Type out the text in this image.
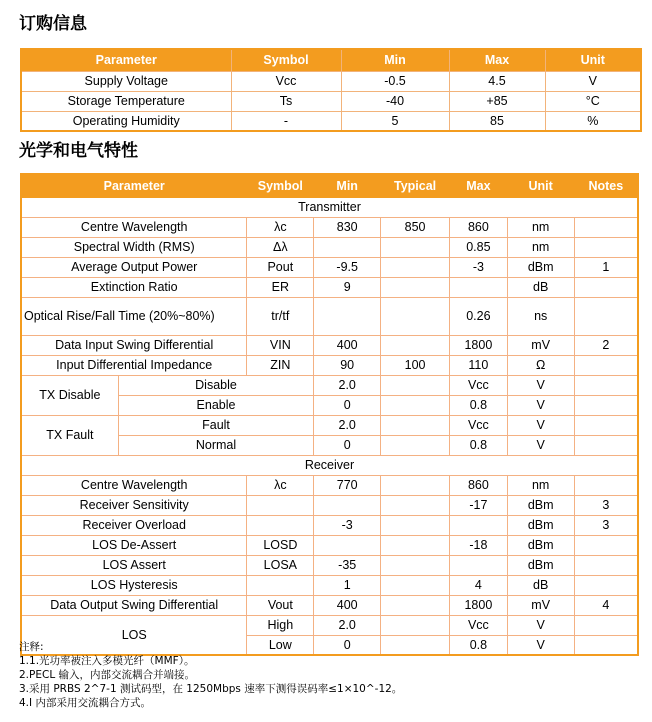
订购信息
Parameter	Symbol	Min	Max	Unit
Supply Voltage	Vcc	-0.5	4.5	V
Storage Temperature	Ts	-40	+85	°C
Operating Humidity	-	5	85	%
光学和电气特性
Parameter		Symbol	Min	Typical	Max	Unit	Notes
Transmitter							
Centre Wavelength		λc	830	850	860	nm	
Spectral Width (RMS)		Δλ			0.85	nm	
Average Output Power		Pout	-9.5		-3	dBm	1
Extinction Ratio		ER	9			dB	
Optical Rise/Fall Time (20%~80%)		tr/tf			0.26	ns	
Data Input Swing Differential		VIN	400		1800	mV	2
Input Differential Impedance		ZIN	90	100	110	Ω	
TX Disable	Disable		2.0		Vcc	V	
	Enable		0		0.8	V	
TX Fault	Fault		2.0		Vcc	V	
	Normal		0		0.8	V	
Receiver							
Centre Wavelength		λc	770		860	nm	
Receiver Sensitivity					-17	dBm	3
Receiver Overload			-3			dBm	3
LOS De-Assert		LOSD			-18	dBm	
LOS Assert		LOSA	-35			dBm	
LOS Hysteresis			1		4	dB	
Data Output Swing Differential		Vout	400		1800	mV	4
LOS		High	2.0		Vcc	V	
		Low	0		0.8	V	
注释:
1.1.光功率被注入多模光纤（MMF）。
2.PECL 输入，内部交流耦合并端接。
3.采用 PRBS 2^7-1 测试码型，在 1250Mbps 速率下测得误码率≤1×10^-12。
4.I 内部采用交流耦合方式。
